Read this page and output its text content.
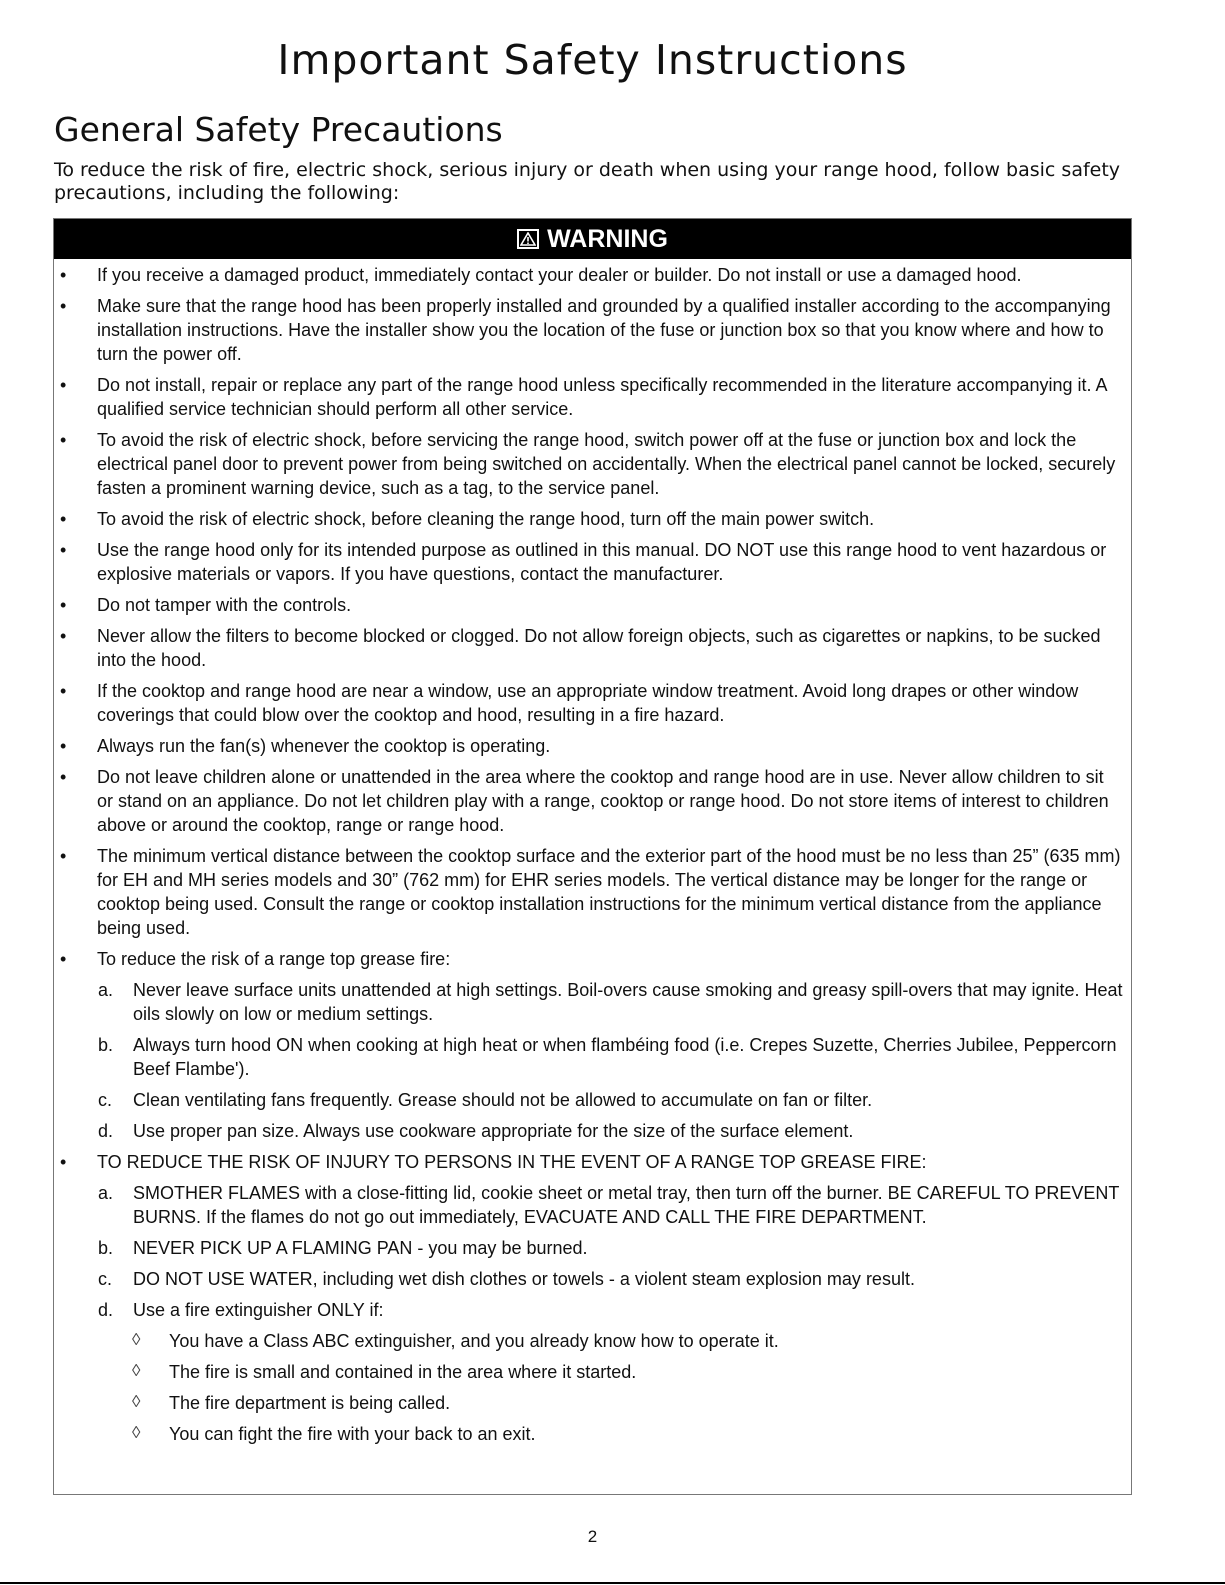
Important Safety Instructions
General Safety Precautions

To reduce the risk of fire, electric shock, serious injury or death when using your range hood, follow basic safety precautions, including the following:

WARNING
• If you receive a damaged product, immediately contact your dealer or builder. Do not install or use a damaged hood.
• Make sure that the range hood has been properly installed and grounded by a qualified installer according to the accompanying installation instructions. Have the installer show you the location of the fuse or junction box so that you know where and how to turn the power off.
• Do not install, repair or replace any part of the range hood unless specifically recommended in the literature accompanying it. A qualified service technician should perform all other service.
• To avoid the risk of electric shock, before servicing the range hood, switch power off at the fuse or junction box and lock the electrical panel door to prevent power from being switched on accidentally. When the electrical panel cannot be locked, securely fasten a prominent warning device, such as a tag, to the service panel.
• To avoid the risk of electric shock, before cleaning the range hood, turn off the main power switch.
• Use the range hood only for its intended purpose as outlined in this manual. DO NOT use this range hood to vent hazardous or explosive materials or vapors. If you have questions, contact the manufacturer.
• Do not tamper with the controls.
• Never allow the filters to become blocked or clogged. Do not allow foreign objects, such as cigarettes or napkins, to be sucked into the hood.
• If the cooktop and range hood are near a window, use an appropriate window treatment. Avoid long drapes or other window coverings that could blow over the cooktop and hood, resulting in a fire hazard.
• Always run the fan(s) whenever the cooktop is operating.
• Do not leave children alone or unattended in the area where the cooktop and range hood are in use. Never allow children to sit or stand on an appliance. Do not let children play with a range, cooktop or range hood. Do not store items of interest to children above or around the cooktop, range or range hood.
• The minimum vertical distance between the cooktop surface and the exterior part of the hood must be no less than 25” (635 mm) for EH and MH series models and 30” (762 mm) for EHR series models. The vertical distance may be longer for the range or cooktop being used. Consult the range or cooktop installation instructions for the minimum vertical distance from the appliance being used.
• To reduce the risk of a range top grease fire:
a. Never leave surface units unattended at high settings. Boil-overs cause smoking and greasy spill-overs that may ignite. Heat oils slowly on low or medium settings.
b. Always turn hood ON when cooking at high heat or when flambéing food (i.e. Crepes Suzette, Cherries Jubilee, Peppercorn Beef Flambe').
c. Clean ventilating fans frequently. Grease should not be allowed to accumulate on fan or filter.
d. Use proper pan size. Always use cookware appropriate for the size of the surface element.
• TO REDUCE THE RISK OF INJURY TO PERSONS IN THE EVENT OF A RANGE TOP GREASE FIRE:
a. SMOTHER FLAMES with a close-fitting lid, cookie sheet or metal tray, then turn off the burner. BE CAREFUL TO PREVENT BURNS. If the flames do not go out immediately, EVACUATE AND CALL THE FIRE DEPARTMENT.
b. NEVER PICK UP A FLAMING PAN - you may be burned.
c. DO NOT USE WATER, including wet dish clothes or towels - a violent steam explosion may result.
d. Use a fire extinguisher ONLY if:
◊ You have a Class ABC extinguisher, and you already know how to operate it.
◊ The fire is small and contained in the area where it started.
◊ The fire department is being called.
◊ You can fight the fire with your back to an exit.
2
